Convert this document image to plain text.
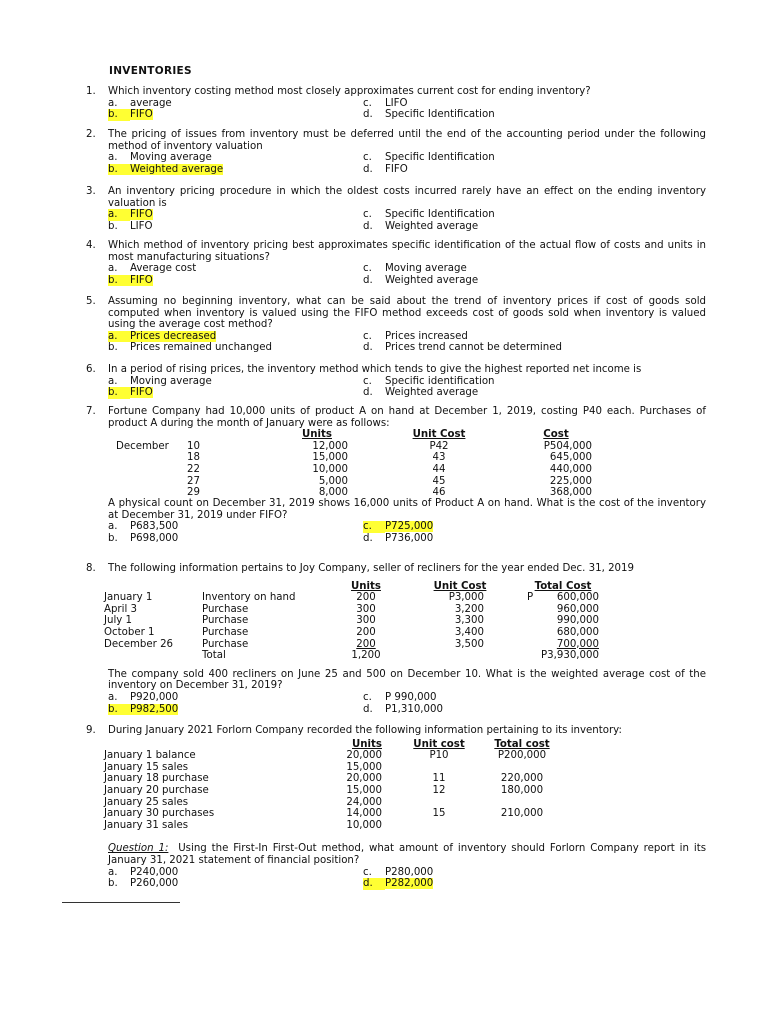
INVENTORIES
1. Which inventory costing method most closely approximates current cost for ending inventory?
a. average	c. LIFO
b. FIFO	d. Specific Identification
2. The pricing of issues from inventory must be deferred until the end of the accounting period under the following method of inventory valuation
a. Moving average	c. Specific Identification
b. Weighted average	d. FIFO
3. An inventory pricing procedure in which the oldest costs incurred rarely have an effect on the ending inventory valuation is
a. FIFO	c. Specific Identification
b. LIFO	d. Weighted average
4. Which method of inventory pricing best approximates specific identification of the actual flow of costs and units in most manufacturing situations?
a. Average cost	c. Moving average
b. FIFO	d. Weighted average
5. Assuming no beginning inventory, what can be said about the trend of inventory prices if cost of goods sold computed when inventory is valued using the FIFO method exceeds cost of goods sold when inventory is valued using the average cost method?
a. Prices decreased	c. Prices increased
b. Prices remained unchanged	d. Prices trend cannot be determined
6. In a period of rising prices, the inventory method which tends to give the highest reported net income is
a. Moving average	c. Specific identification
b. FIFO	d. Weighted average
7. Fortune Company had 10,000 units of product A on hand at December 1, 2019, costing P40 each. Purchases of product A during the month of January were as follows:
Units	Unit Cost	Cost
December	10	12,000	P42	P504,000
18	15,000	43	645,000
22	10,000	44	440,000
27	5,000	45	225,000
29	8,000	46	368,000
A physical count on December 31, 2019 shows 16,000 units of Product A on hand. What is the cost of the inventory at December 31, 2019 under FIFO?
a. P683,500	c. P725,000
b. P698,000	d. P736,000
8. The following information pertains to Joy Company, seller of recliners for the year ended Dec. 31, 2019
Units	Unit Cost	Total Cost
January 1	Inventory on hand	200	P3,000	P	600,000
April 3	Purchase	300	3,200	960,000
July 1	Purchase	300	3,300	990,000
October 1	Purchase	200	3,400	680,000
December 26	Purchase	200	3,500	700,000
Total	1,200	P3,930,000
The company sold 400 recliners on June 25 and 500 on December 10. What is the weighted average cost of the inventory on December 31, 2019?
a. P920,000	c. P 990,000
b. P982,500	d. P1,310,000
9. During January 2021 Forlorn Company recorded the following information pertaining to its inventory:
Units	Unit cost	Total cost
January 1 balance	20,000	P10	P200,000
January 15 sales	15,000
January 18 purchase	20,000	11	220,000
January 20 purchase	15,000	12	180,000
January 25 sales	24,000
January 30 purchases	14,000	15	210,000
January 31 sales	10,000
Question 1: Using the First-In First-Out method, what amount of inventory should Forlorn Company report in its January 31, 2021 statement of financial position?
a. P240,000	c. P280,000
b. P260,000	d. P282,000
